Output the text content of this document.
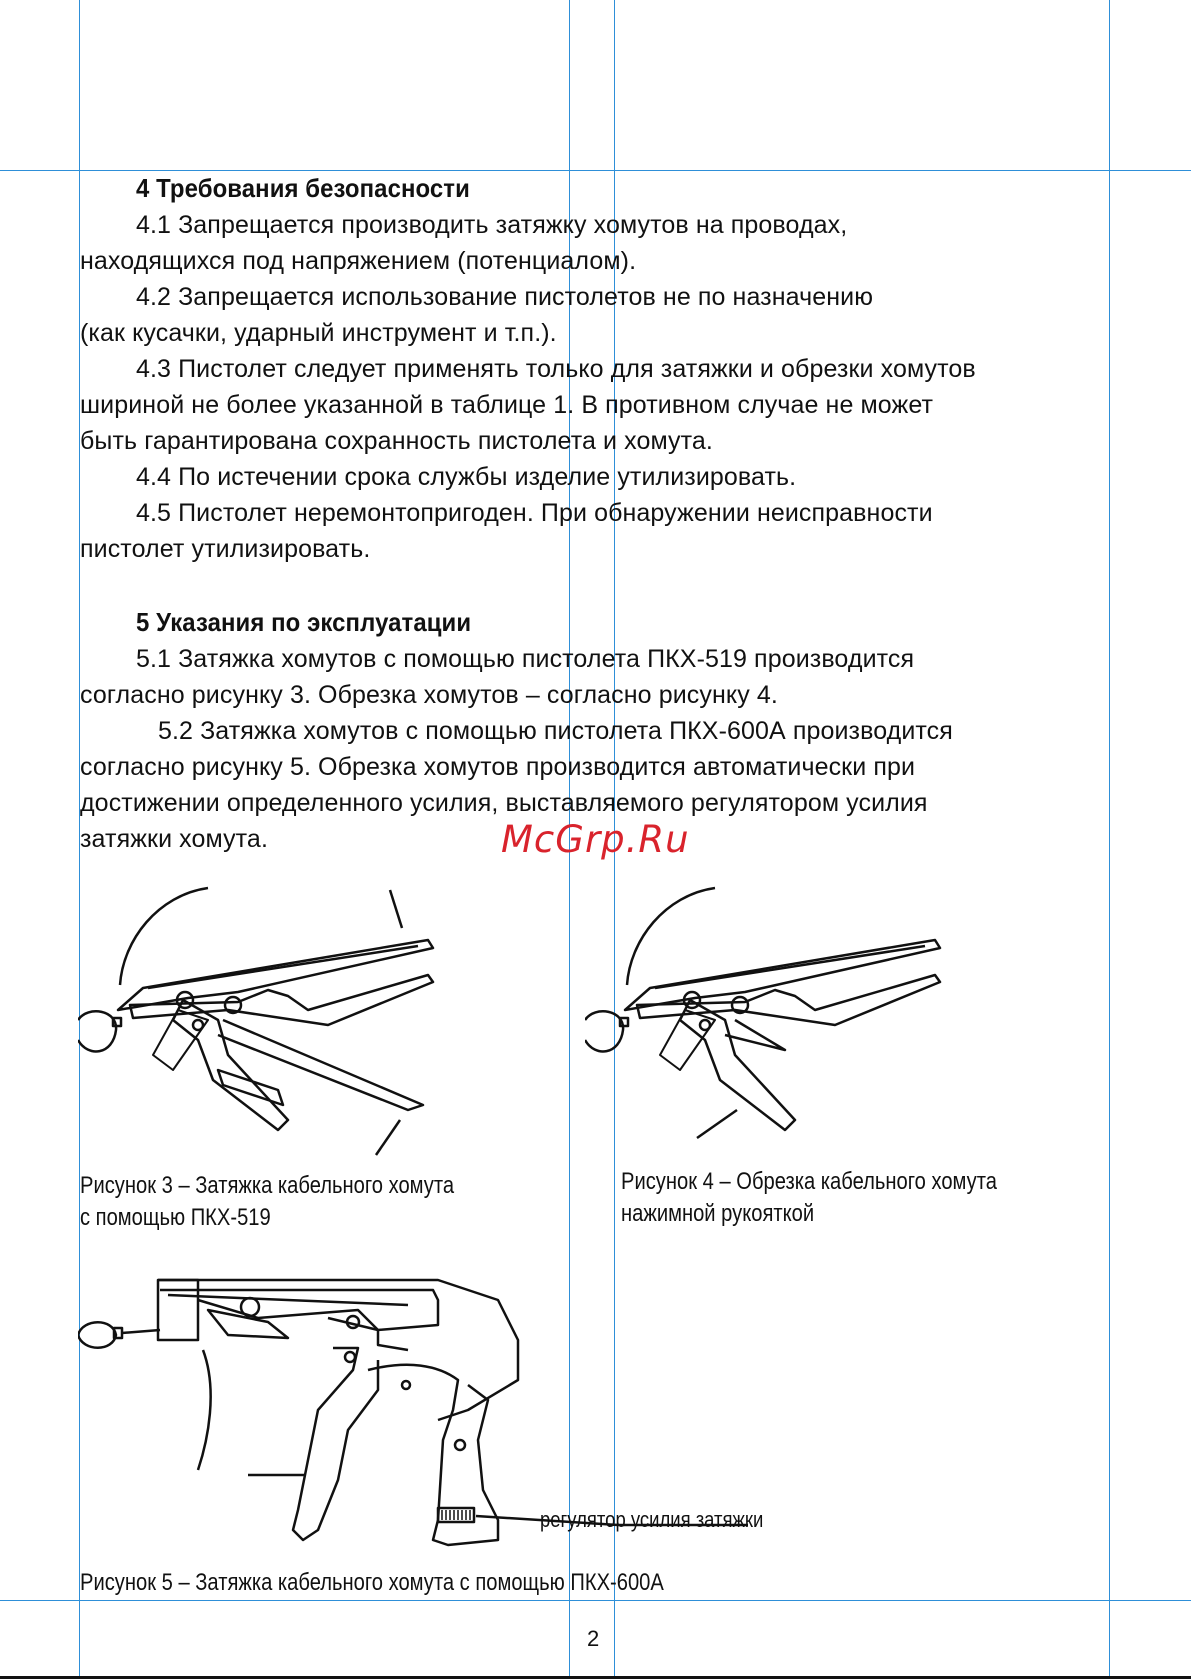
4 Требования безопасности
4.1 Запрещается производить затяжку хомутов на проводах,
находящихся под напряжением (потенциалом).
4.2 Запрещается использование пистолетов не по назначению
(как кусачки, ударный инструмент и т.п.).
4.3 Пистолет следует применять только для затяжки и обрезки хомутов
шириной не более указанной в таблице 1. В противном случае не может
быть гарантирована сохранность пистолета и хомута.
4.4 По истечении срока службы изделие утилизировать.
4.5 Пистолет неремонтопригоден. При обнаружении неисправности
пистолет утилизировать.
5 Указания по эксплуатации
5.1 Затяжка хомутов с помощью пистолета ПКХ-519 производится
согласно рисунку 3. Обрезка хомутов – согласно рисунку 4.
5.2 Затяжка хомутов с помощью пистолета ПКХ-600А производится
согласно рисунку 5. Обрезка хомутов производится автоматически при
достижении определенного усилия, выставляемого регулятором усилия
затяжки хомута.	McGrp.Ru
Рисунок 3 – Затяжка кабельного хомута
с помощью ПКХ-519
Рисунок 4 – Обрезка кабельного хомута
нажимной рукояткой
регулятор усилия затяжки
Рисунок 5 – Затяжка кабельного хомута с помощью ПКХ-600А
2
